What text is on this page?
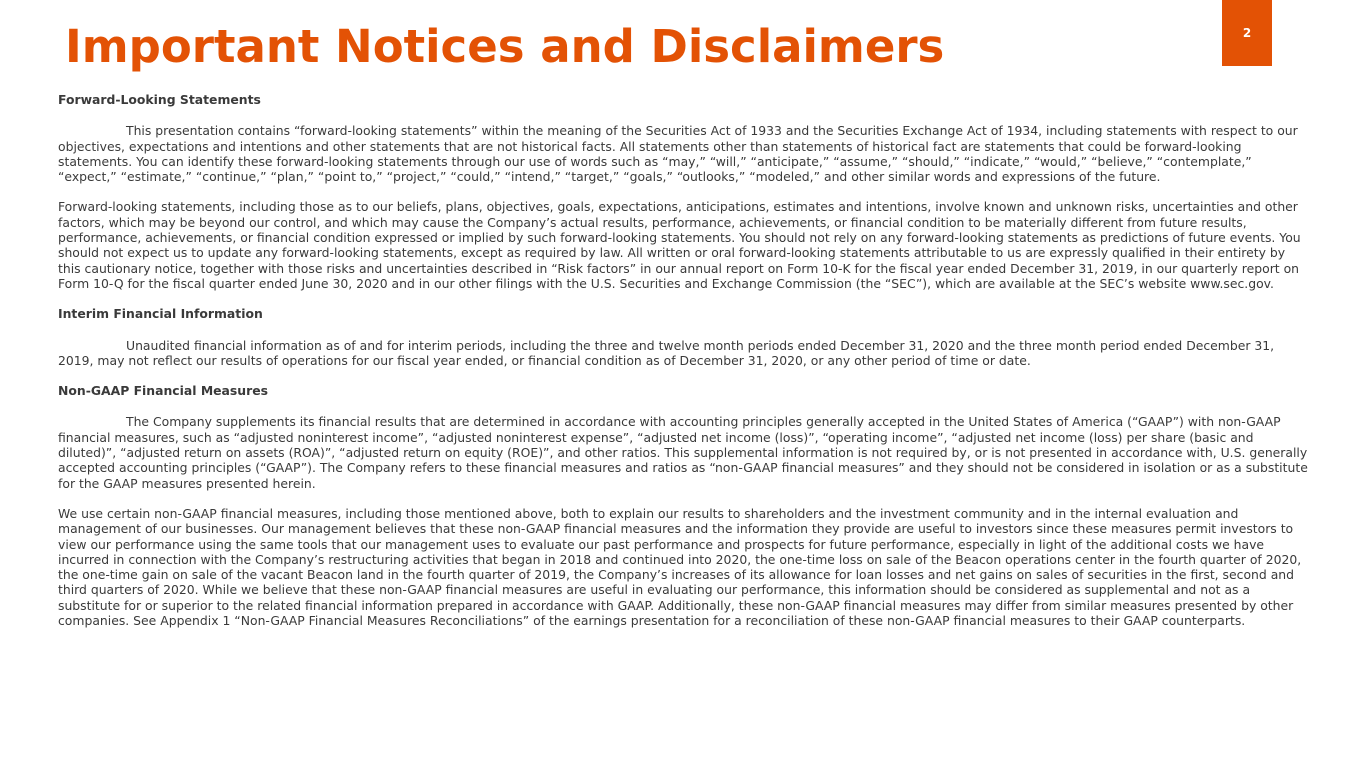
Important Notices and Disclaimers	2
Forward-Looking Statements

This presentation contains “forward-looking statements” within the meaning of the Securities Act of 1933 and the Securities Exchange Act of 1934, including statements with respect to our objectives, expectations and intentions and other statements that are not historical facts. All statements other than statements of historical fact are statements that could be forward-looking statements. You can identify these forward-looking statements through our use of words such as “may,” “will,” “anticipate,” “assume,” “should,” “indicate,” “would,” “believe,” “contemplate,” “expect,” “estimate,” “continue,” “plan,” “point to,” “project,” “could,” “intend,” “target,” “goals,” “outlooks,” “modeled,” and other similar words and expressions of the future.

Forward-looking statements, including those as to our beliefs, plans, objectives, goals, expectations, anticipations, estimates and intentions, involve known and unknown risks, uncertainties and other factors, which may be beyond our control, and which may cause the Company’s actual results, performance, achievements, or financial condition to be materially different from future results, performance, achievements, or financial condition expressed or implied by such forward-looking statements. You should not rely on any forward-looking statements as predictions of future events. You should not expect us to update any forward-looking statements, except as required by law. All written or oral forward-looking statements attributable to us are expressly qualified in their entirety by this cautionary notice, together with those risks and uncertainties described in “Risk factors” in our annual report on Form 10-K for the fiscal year ended December 31, 2019, in our quarterly report on Form 10-Q for the fiscal quarter ended June 30, 2020 and in our other filings with the U.S. Securities and Exchange Commission (the “SEC”), which are available at the SEC’s website www.sec.gov.

Interim Financial Information

Unaudited financial information as of and for interim periods, including the three and twelve month periods ended December 31, 2020 and the three month period ended December 31, 2019, may not reflect our results of operations for our fiscal year ended, or financial condition as of December 31, 2020, or any other period of time or date.

Non-GAAP Financial Measures

The Company supplements its financial results that are determined in accordance with accounting principles generally accepted in the United States of America (“GAAP”) with non-GAAP financial measures, such as “adjusted noninterest income”, “adjusted noninterest expense”, “adjusted net income (loss)”, “operating income”, “adjusted net income (loss) per share (basic and diluted)”, “adjusted return on assets (ROA)”, “adjusted return on equity (ROE)”, and other ratios. This supplemental information is not required by, or is not presented in accordance with, U.S. generally accepted accounting principles (“GAAP”). The Company refers to these financial measures and ratios as “non-GAAP financial measures” and they should not be considered in isolation or as a substitute for the GAAP measures presented herein.

We use certain non-GAAP financial measures, including those mentioned above, both to explain our results to shareholders and the investment community and in the internal evaluation and management of our businesses. Our management believes that these non-GAAP financial measures and the information they provide are useful to investors since these measures permit investors to view our performance using the same tools that our management uses to evaluate our past performance and prospects for future performance, especially in light of the additional costs we have incurred in connection with the Company’s restructuring activities that began in 2018 and continued into 2020, the one-time loss on sale of the Beacon operations center in the fourth quarter of 2020, the one-time gain on sale of the vacant Beacon land in the fourth quarter of 2019, the Company’s increases of its allowance for loan losses and net gains on sales of securities in the first, second and third quarters of 2020. While we believe that these non-GAAP financial measures are useful in evaluating our performance, this information should be considered as supplemental and not as a substitute for or superior to the related financial information prepared in accordance with GAAP. Additionally, these non-GAAP financial measures may differ from similar measures presented by other companies. See Appendix 1 “Non-GAAP Financial Measures Reconciliations” of the earnings presentation for a reconciliation of these non-GAAP financial measures to their GAAP counterparts.
